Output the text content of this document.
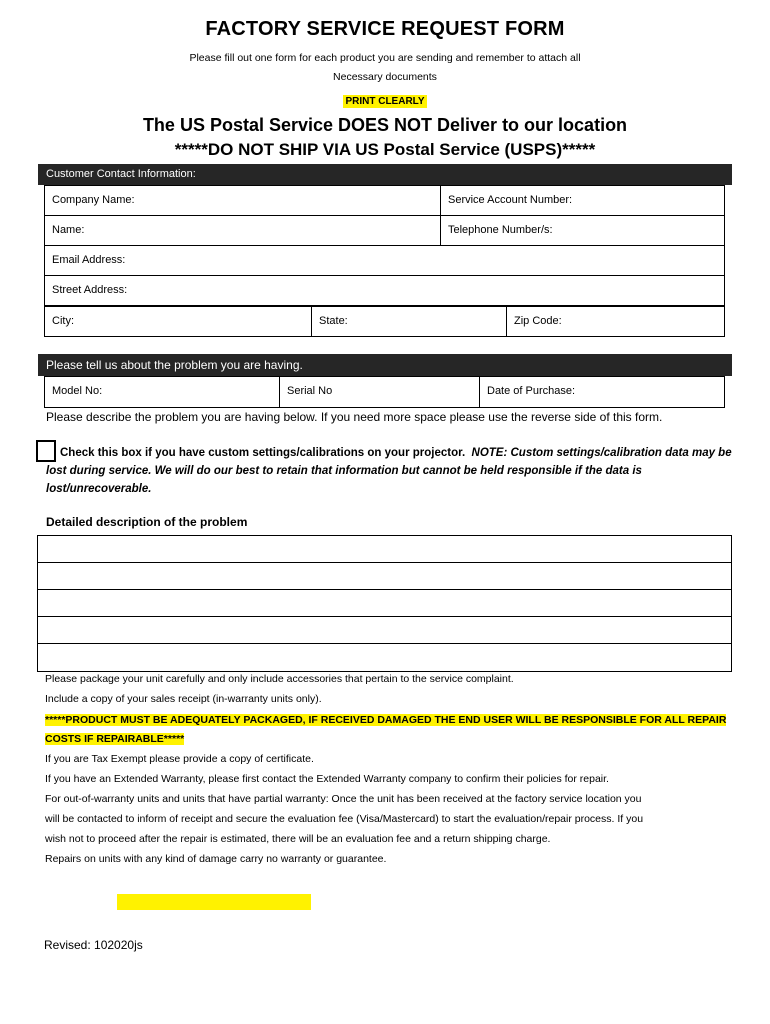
FACTORY SERVICE REQUEST FORM
Please fill out one form for each product you are sending and remember to attach all
Necessary documents
PRINT CLEARLY
The US Postal Service DOES NOT Deliver to our location
*****DO NOT SHIP VIA US Postal Service (USPS)*****
Customer Contact Information:
Company Name:	Service Account Number:
Name:	Telephone Number/s:
Email Address:
Street Address:
City:	State:	Zip Code:
Please tell us about the problem you are having.
Model No:	Serial No	Date of Purchase:
Please describe the problem you are having below. If you need more space please use the reverse side of this form.
Check this box if you have custom settings/calibrations on your projector. NOTE: Custom settings/calibration data may be lost during service. We will do our best to retain that information but cannot be held responsible if the data is lost/unrecoverable.
Detailed description of the problem
Please package your unit carefully and only include accessories that pertain to the service complaint.
Include a copy of your sales receipt (in-warranty units only).
*****PRODUCT MUST BE ADEQUATELY PACKAGED, IF RECEIVED DAMAGED THE END USER WILL BE RESPONSIBLE FOR ALL REPAIR
COSTS IF REPAIRABLE*****
If you are Tax Exempt please provide a copy of certificate.
If you have an Extended Warranty, please first contact the Extended Warranty company to confirm their policies for repair.
For out-of-warranty units and units that have partial warranty: Once the unit has been received at the factory service location you
will be contacted to inform of receipt and secure the evaluation fee (Visa/Mastercard) to start the evaluation/repair process. If you
wish not to proceed after the repair is estimated, there will be an evaluation fee and a return shipping charge.
Repairs on units with any kind of damage carry no warranty or guarantee.
Revised: 102020js
